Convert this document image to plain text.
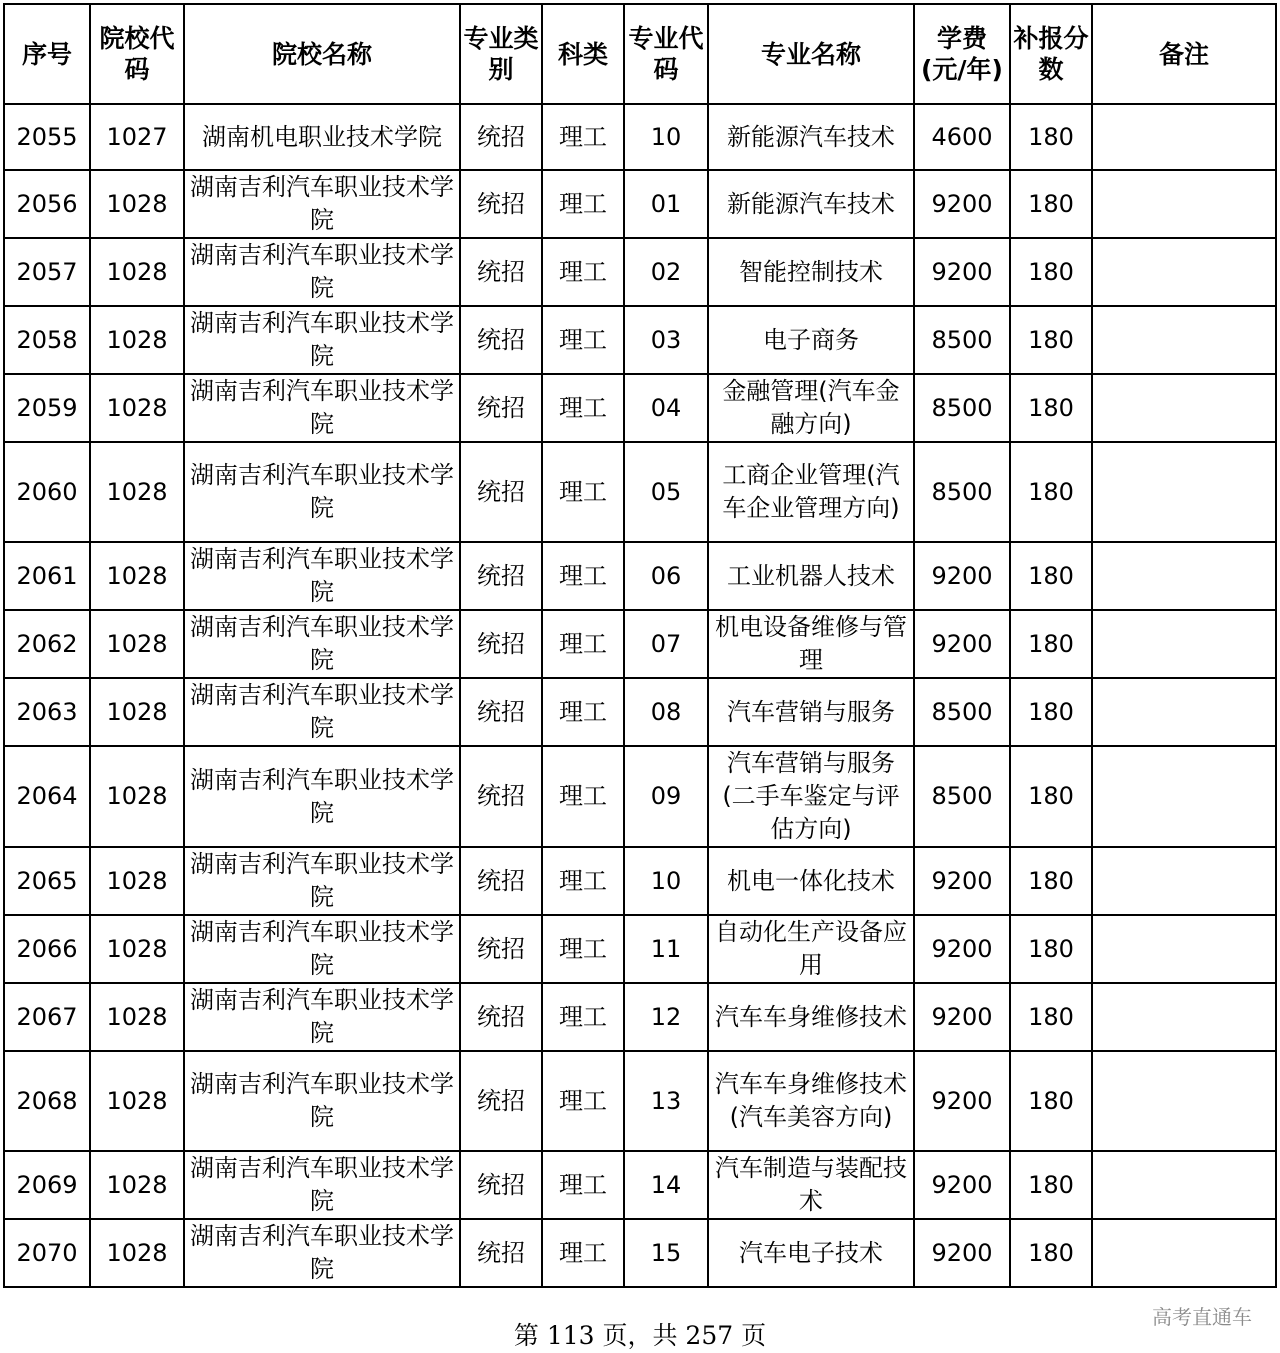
序号	院校代码	院校名称	专业类别	科类	专业代码	专业名称	学费(元/年)	补报分数	备注
2055	1027	湖南机电职业技术学院	统招	理工	10	新能源汽车技术	4600	180	
2056	1028	湖南吉利汽车职业技术学院	统招	理工	01	新能源汽车技术	9200	180	
2057	1028	湖南吉利汽车职业技术学院	统招	理工	02	智能控制技术	9200	180	
2058	1028	湖南吉利汽车职业技术学院	统招	理工	03	电子商务	8500	180	
2059	1028	湖南吉利汽车职业技术学院	统招	理工	04	金融管理(汽车金融方向)	8500	180	
2060	1028	湖南吉利汽车职业技术学院	统招	理工	05	工商企业管理(汽车企业管理方向)	8500	180	
2061	1028	湖南吉利汽车职业技术学院	统招	理工	06	工业机器人技术	9200	180	
2062	1028	湖南吉利汽车职业技术学院	统招	理工	07	机电设备维修与管理	9200	180	
2063	1028	湖南吉利汽车职业技术学院	统招	理工	08	汽车营销与服务	8500	180	
2064	1028	湖南吉利汽车职业技术学院	统招	理工	09	汽车营销与服务(二手车鉴定与评估方向)	8500	180	
2065	1028	湖南吉利汽车职业技术学院	统招	理工	10	机电一体化技术	9200	180	
2066	1028	湖南吉利汽车职业技术学院	统招	理工	11	自动化生产设备应用	9200	180	
2067	1028	湖南吉利汽车职业技术学院	统招	理工	12	汽车车身维修技术	9200	180	
2068	1028	湖南吉利汽车职业技术学院	统招	理工	13	汽车车身维修技术(汽车美容方向)	9200	180	
2069	1028	湖南吉利汽车职业技术学院	统招	理工	14	汽车制造与装配技术	9200	180	
2070	1028	湖南吉利汽车职业技术学院	统招	理工	15	汽车电子技术	9200	180	
第 113 页，共 257 页
高考直通车
